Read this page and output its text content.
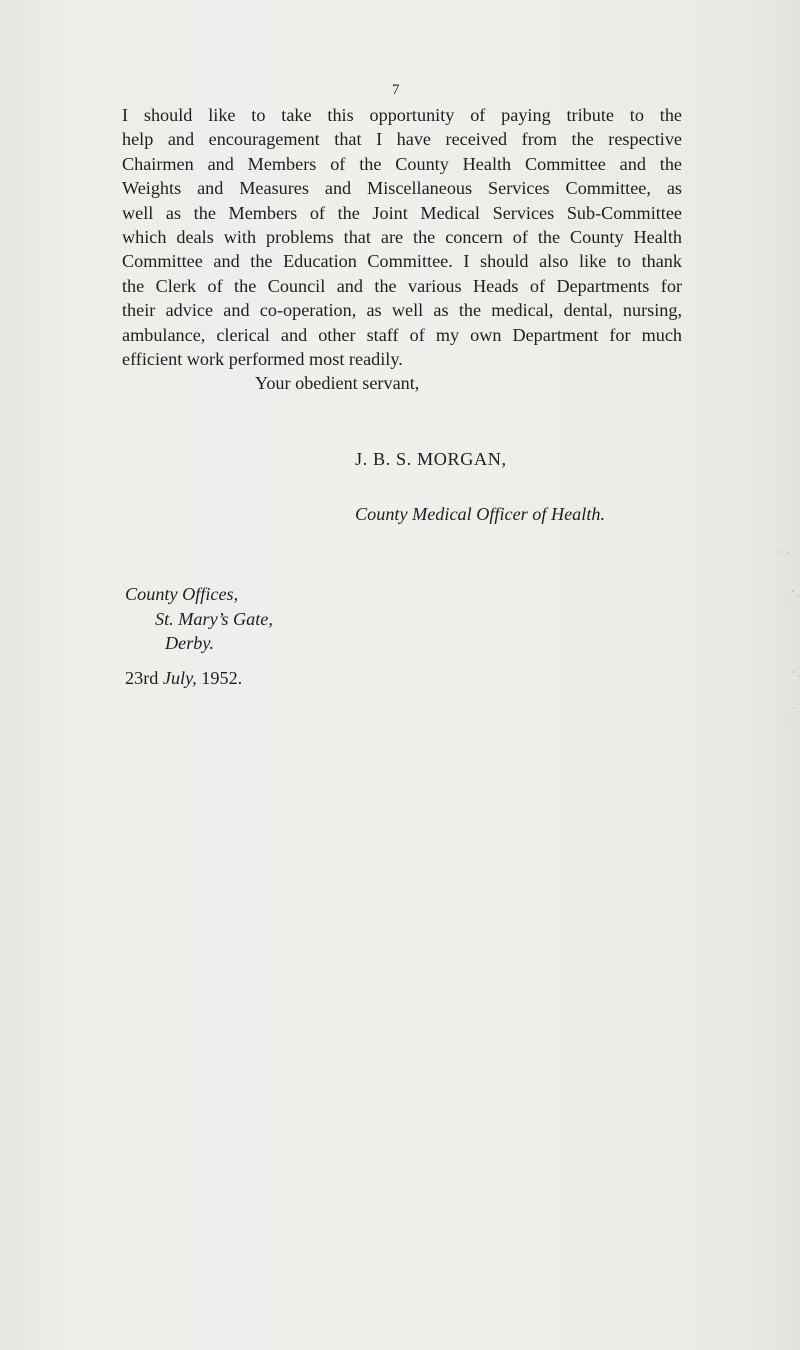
7
I should like to take this opportunity of paying tribute to the
help and encouragement that I have received from the respective
Chairmen and Members of the County Health Committee and the
Weights and Measures and Miscellaneous Services Committee, as
well as the Members of the Joint Medical Services Sub-Committee
which deals with problems that are the concern of the County Health
Committee and the Education Committee. I should also like to thank
the Clerk of the Council and the various Heads of Departments for
their advice and co-operation, as well as the medical, dental, nursing,
ambulance, clerical and other staff of my own Department for much
efficient work performed most readily.
Your obedient servant,
J. B. S. MORGAN,
County Medical Officer of Health.
County Offices,
St. Mary’s Gate,
Derby.
23rd July, 1952.
